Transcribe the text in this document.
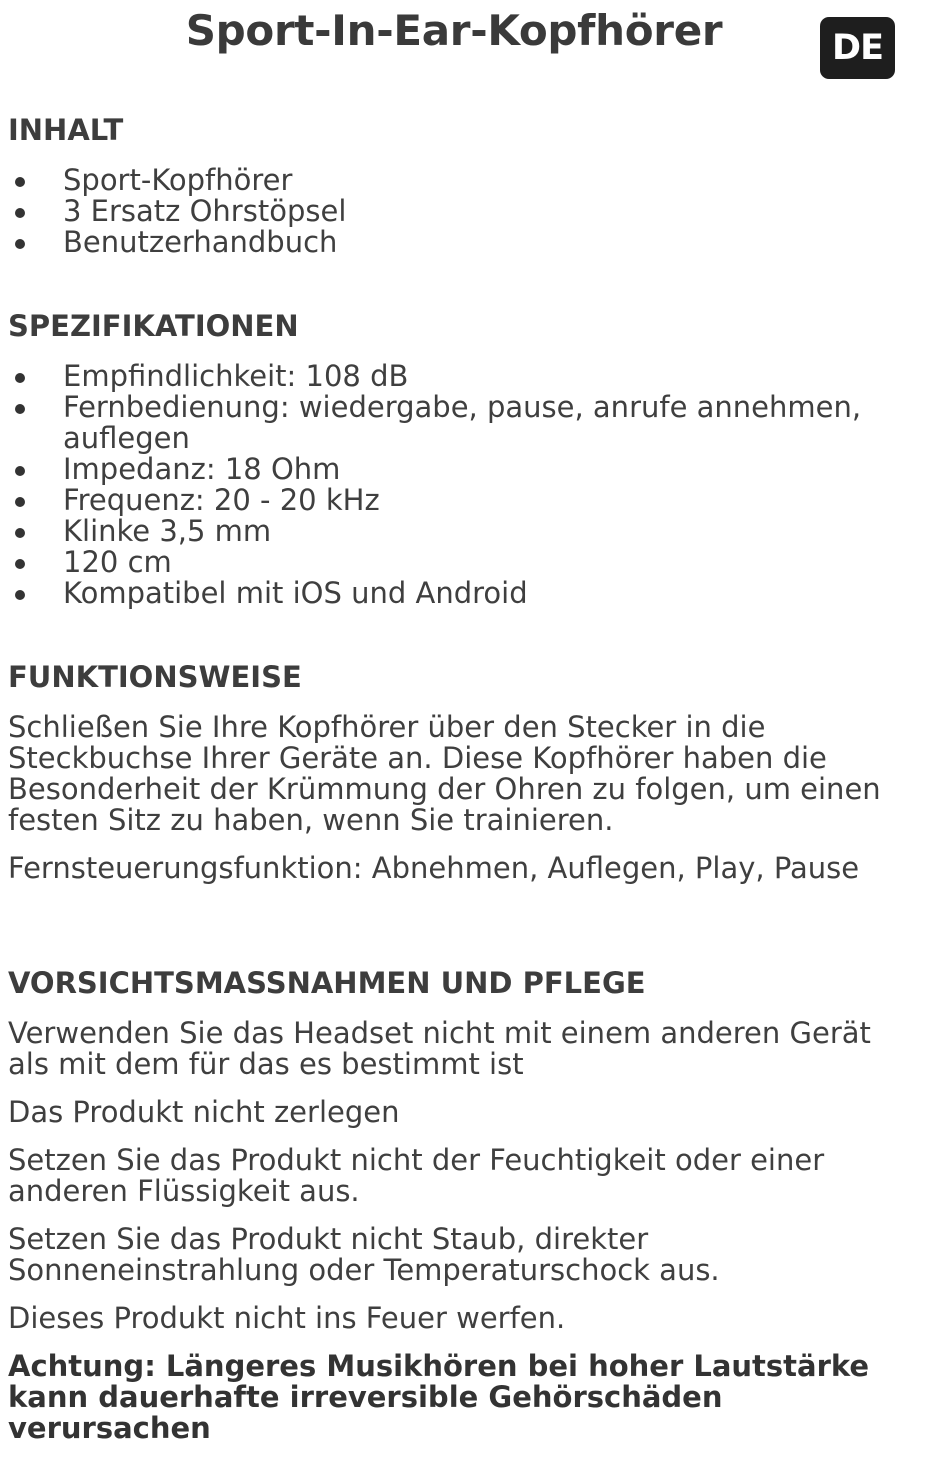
Sport-In-Ear-Kopfhörer	DE
INHALT
Sport-Kopfhörer
3 Ersatz Ohrstöpsel
Benutzerhandbuch
SPEZIFIKATIONEN
Empfindlichkeit: 108 dB
Fernbedienung: wiedergabe, pause, anrufe annehmen, auflegen
Impedanz: 18 Ohm
Frequenz: 20 - 20 kHz
Klinke 3,5 mm
120 cm
Kompatibel mit iOS und Android
FUNKTIONSWEISE

Schließen Sie Ihre Kopfhörer über den Stecker in die Steckbuchse Ihrer Geräte an. Diese Kopfhörer haben die Besonderheit der Krümmung der Ohren zu folgen, um einen festen Sitz zu haben, wenn Sie trainieren.

Fernsteuerungsfunktion: Abnehmen, Auflegen, Play, Pause

VORSICHTSMASSNAHMEN UND PFLEGE

Verwenden Sie das Headset nicht mit einem anderen Gerät als mit dem für das es bestimmt ist

Das Produkt nicht zerlegen

Setzen Sie das Produkt nicht der Feuchtigkeit oder einer anderen Flüssigkeit aus.

Setzen Sie das Produkt nicht Staub, direkter Sonneneinstrahlung oder Temperaturschock aus.

Dieses Produkt nicht ins Feuer werfen.

Achtung: Längeres Musikhören bei hoher Lautstärke kann dauerhafte irreversible Gehörschäden verursachen
